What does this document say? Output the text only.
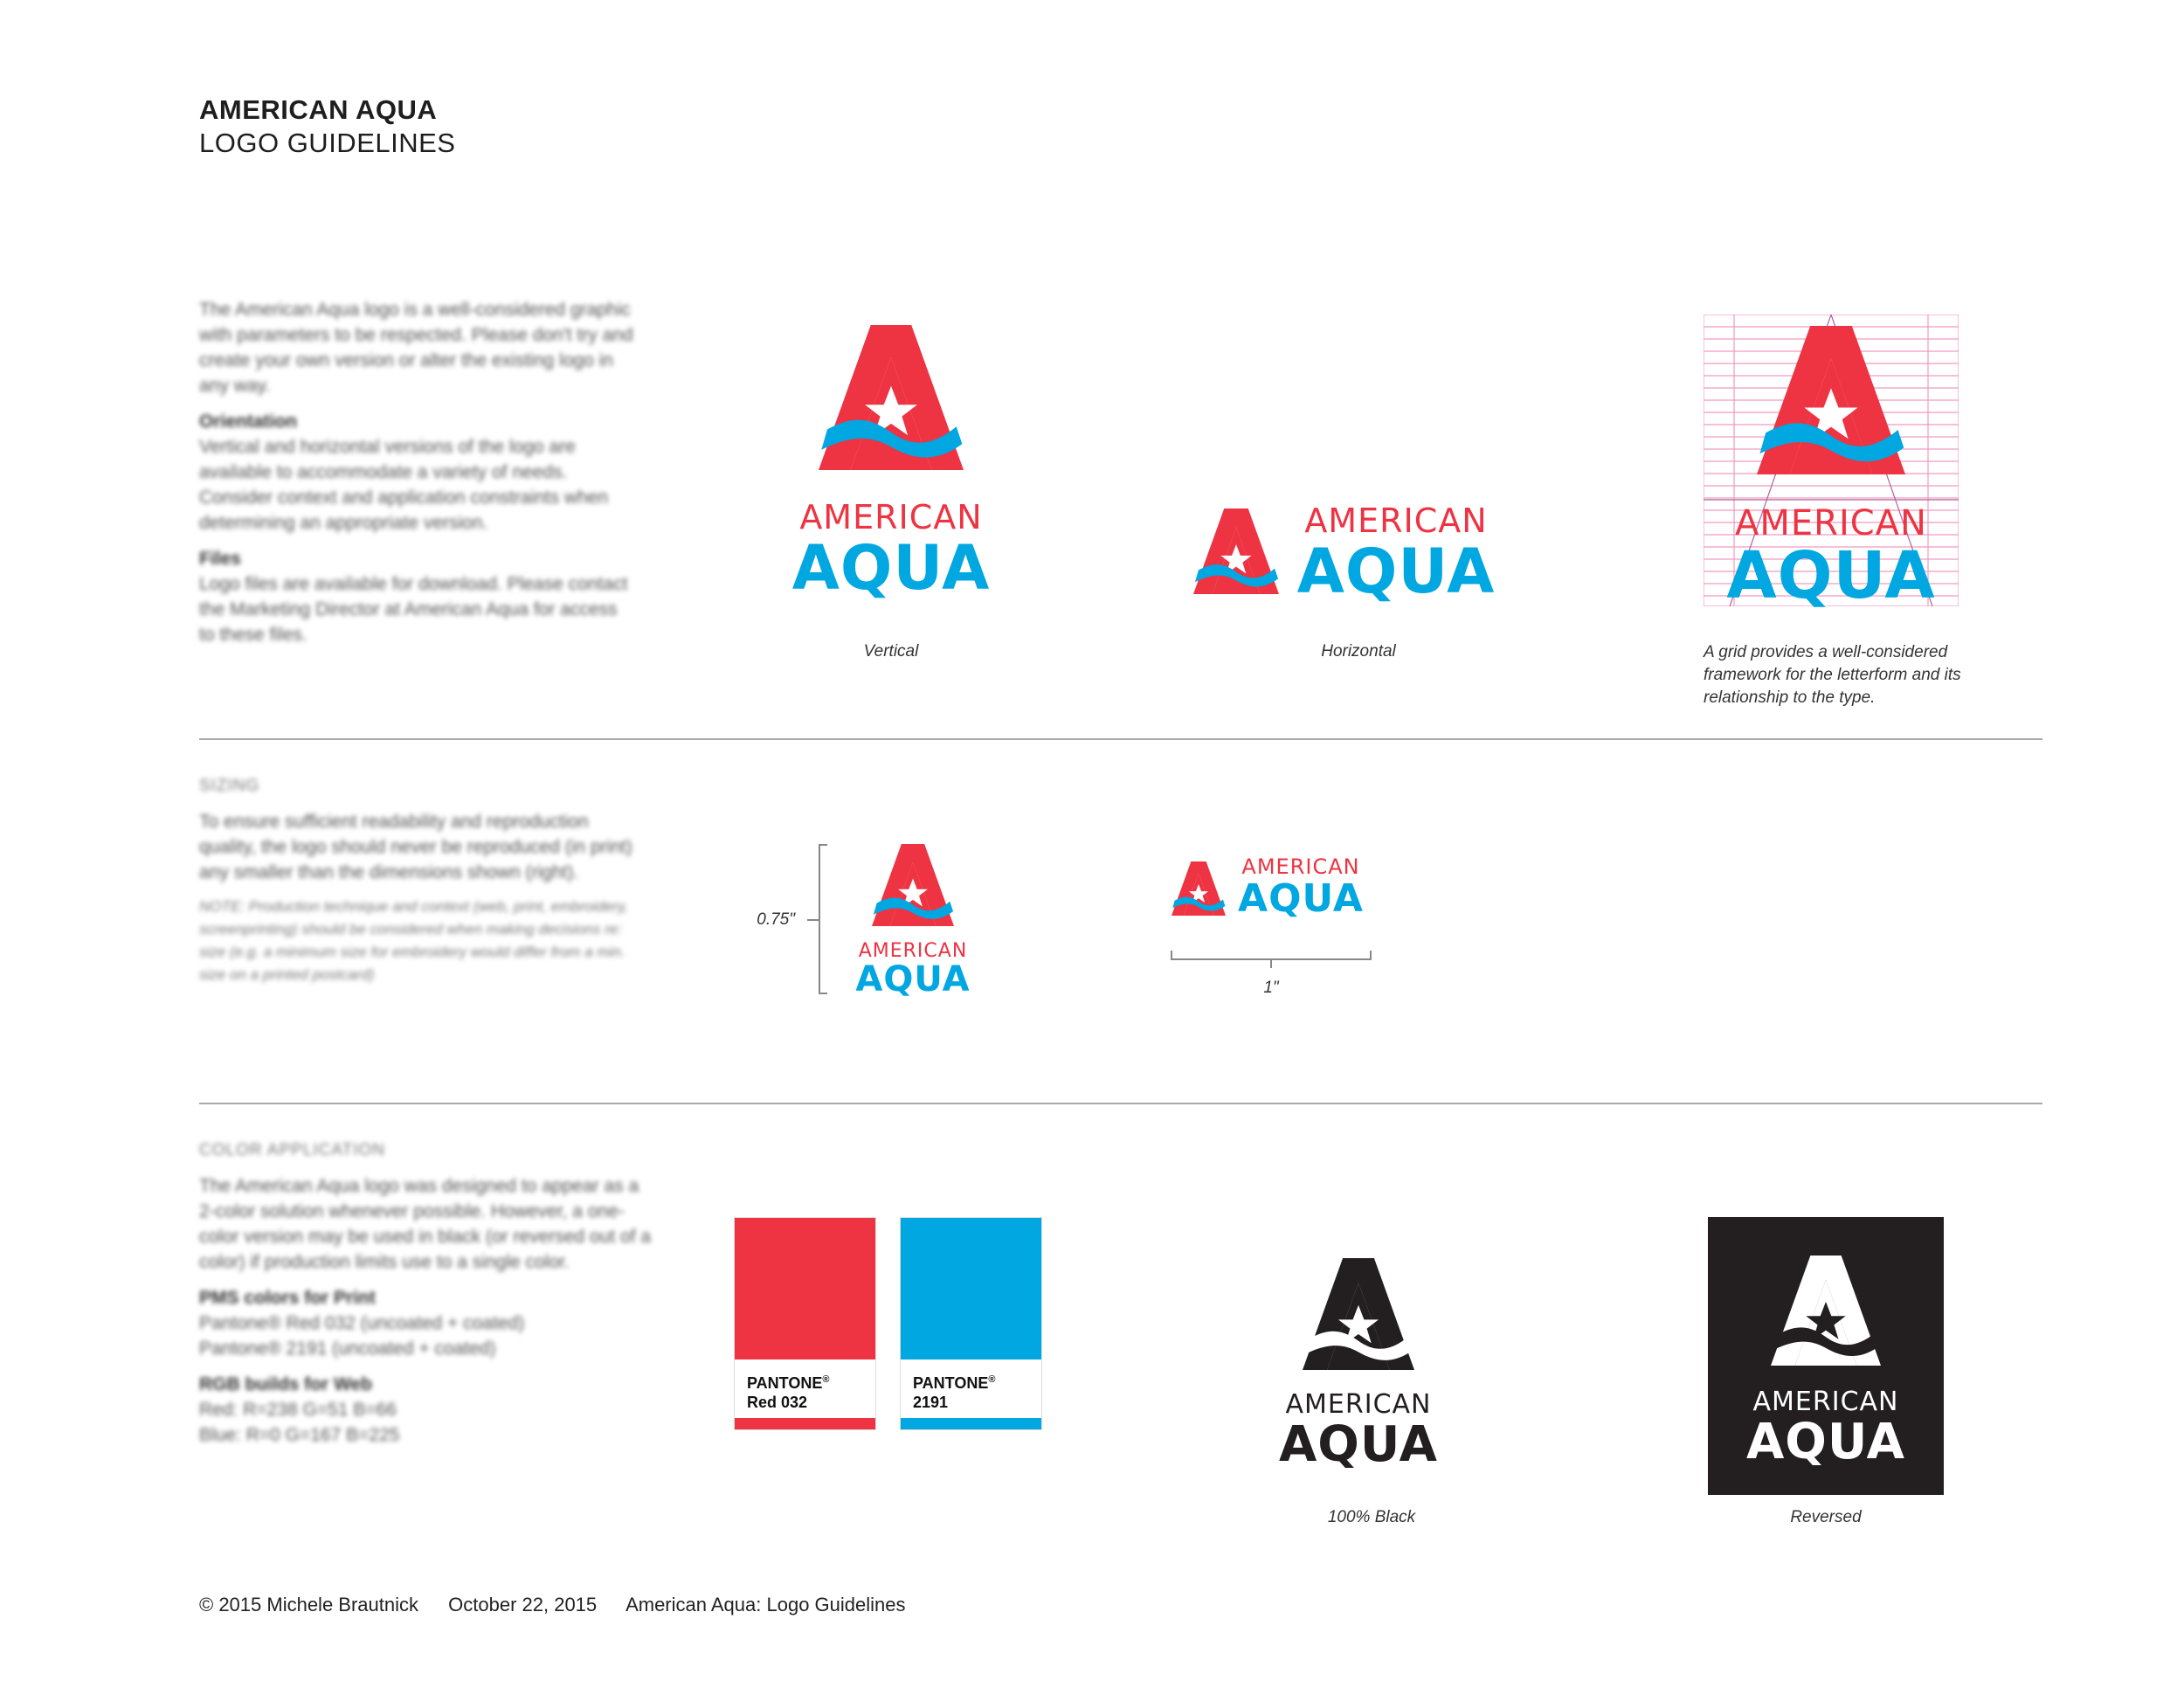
AMERICAN AQUA
LOGO GUIDELINES

The American Aqua logo is a well-considered graphic with parameters to be respected. Please don't try and create your own version or alter the existing logo in any way.

Orientation

Vertical and horizontal versions of the logo are available to accommodate a variety of needs. Consider context and application constraints when determining an appropriate version.

Files

Logo files are available for download. Please contact the Marketing Director at American Aqua for access to these files.

AMERICAN
AQUA
Vertical
AMERICAN
AQUA
Horizontal
AMERICAN
AQUA
A grid provides a well-considered framework for the letterform and its relationship to the type.

SIZING

To ensure sufficient readability and reproduction quality, the logo should never be reproduced (in print) any smaller than the dimensions shown (right).

NOTE: Production technique and context (web, print, embroidery, screenprinting) should be considered when making decisions re: size (e.g. a minimum size for embroidery would differ from a min. size on a printed postcard)

0.75"
AMERICAN
AQUA
AMERICAN
AQUA
1"

COLOR APPLICATION

The American Aqua logo was designed to appear as a 2-color solution whenever possible. However, a one-color version may be used in black (or reversed out of a color) if production limits use to a single color.

PMS colors for Print

Pantone® Red 032 (uncoated + coated)

Pantone® 2191 (uncoated + coated)

RGB builds for Web

Red: R=238 G=51 B=66

Blue: R=0 G=167 B=225

PANTONE®
Red 032
PANTONE®
2191	AMERICAN
AQUA
100% Black
AMERICAN
AQUA
Reversed
© 2015 Michele Brautnick October 22, 2015 American Aqua: Logo Guidelines
